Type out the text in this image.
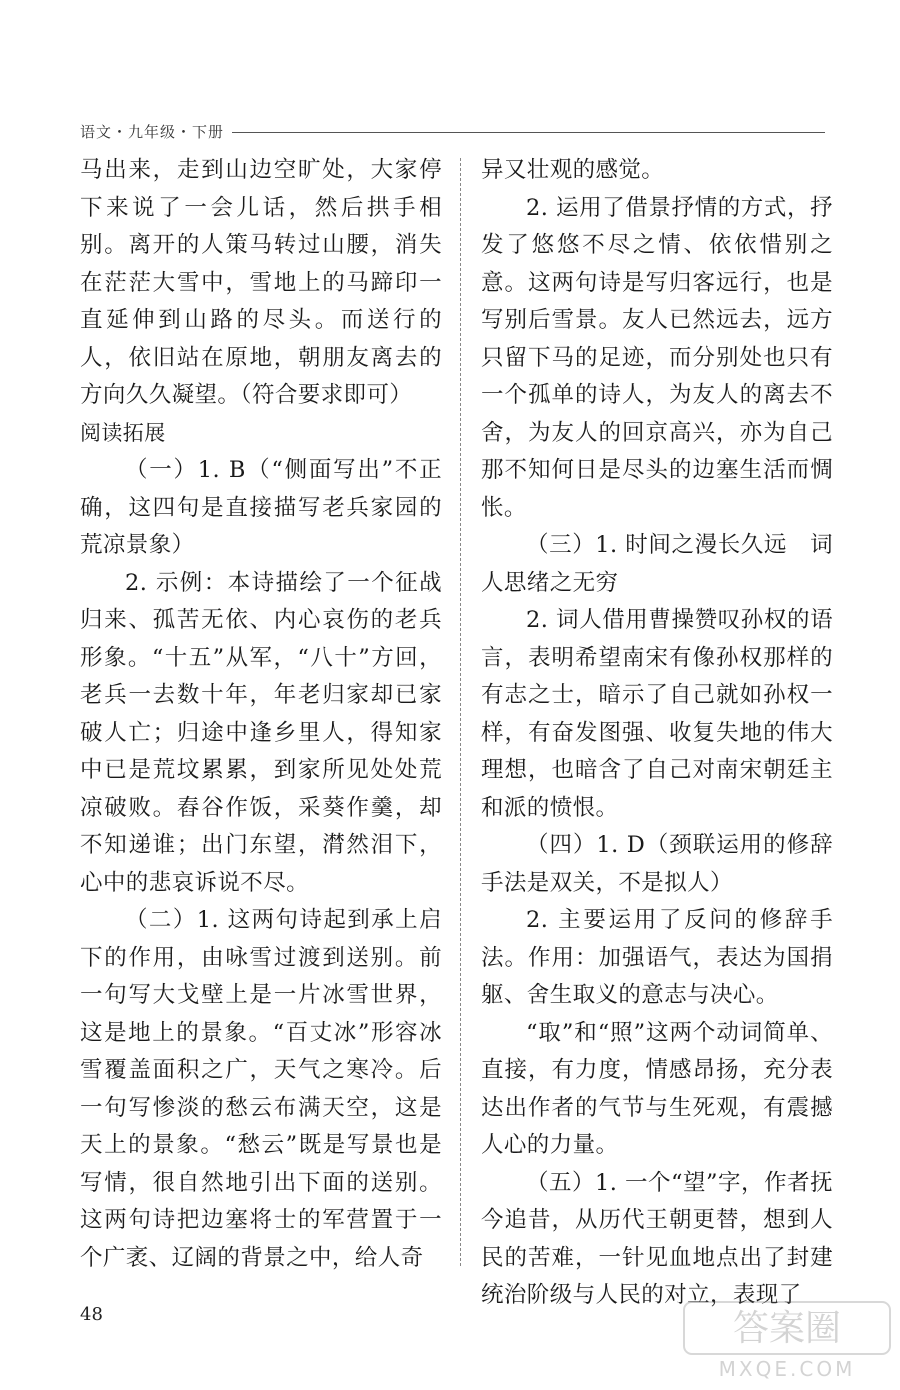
语文・九年级・下册

马出来，走到山边空旷处，大家停下来说了一会儿话，然后拱手相别。离开的人策马转过山腰，消失在茫茫大雪中，雪地上的马蹄印一直延伸到山路的尽头。而送行的人，依旧站在原地，朝朋友离去的方向久久凝望。（符合要求即可）

阅读拓展

（一）1. B（“侧面写出”不正确，这四句是直接描写老兵家园的荒凉景象）

2. 示例：本诗描绘了一个征战归来、孤苦无依、内心哀伤的老兵形象。“十五”从军，“八十”方回，老兵一去数十年，年老归家却已家破人亡；归途中逢乡里人，得知家中已是荒坟累累，到家所见处处荒凉破败。舂谷作饭，采葵作羹，却不知递谁；出门东望，潸然泪下，心中的悲哀诉说不尽。

（二）1. 这两句诗起到承上启下的作用，由咏雪过渡到送别。前一句写大戈壁上是一片冰雪世界，这是地上的景象。“百丈冰”形容冰雪覆盖面积之广，天气之寒冷。后一句写惨淡的愁云布满天空，这是天上的景象。“愁云”既是写景也是写情，很自然地引出下面的送别。这两句诗把边塞将士的军营置于一个广袤、辽阔的背景之中，给人奇

异又壮观的感觉。

2. 运用了借景抒情的方式，抒发了悠悠不尽之情、依依惜别之意。这两句诗是写归客远行，也是写别后雪景。友人已然远去，远方只留下马的足迹，而分别处也只有一个孤单的诗人，为友人的离去不舍，为友人的回京高兴，亦为自己那不知何日是尽头的边塞生活而惆怅。

（三）1. 时间之漫长久远　词人思绪之无穷

2. 词人借用曹操赞叹孙权的语言，表明希望南宋有像孙权那样的有志之士，暗示了自己就如孙权一样，有奋发图强、收复失地的伟大理想，也暗含了自己对南宋朝廷主和派的愤恨。

（四）1. D（颈联运用的修辞手法是双关，不是拟人）

2. 主要运用了反问的修辞手法。作用：加强语气，表达为国捐躯、舍生取义的意志与决心。

“取”和“照”这两个动词简单、直接，有力度，情感昂扬，充分表达出作者的气节与生死观，有震撼人心的力量。

（五）1. 一个“望”字，作者抚今追昔，从历代王朝更替，想到人民的苦难，一针见血地点出了封建统治阶级与人民的对立，表现了

48	答案圈
MXQE.COM
